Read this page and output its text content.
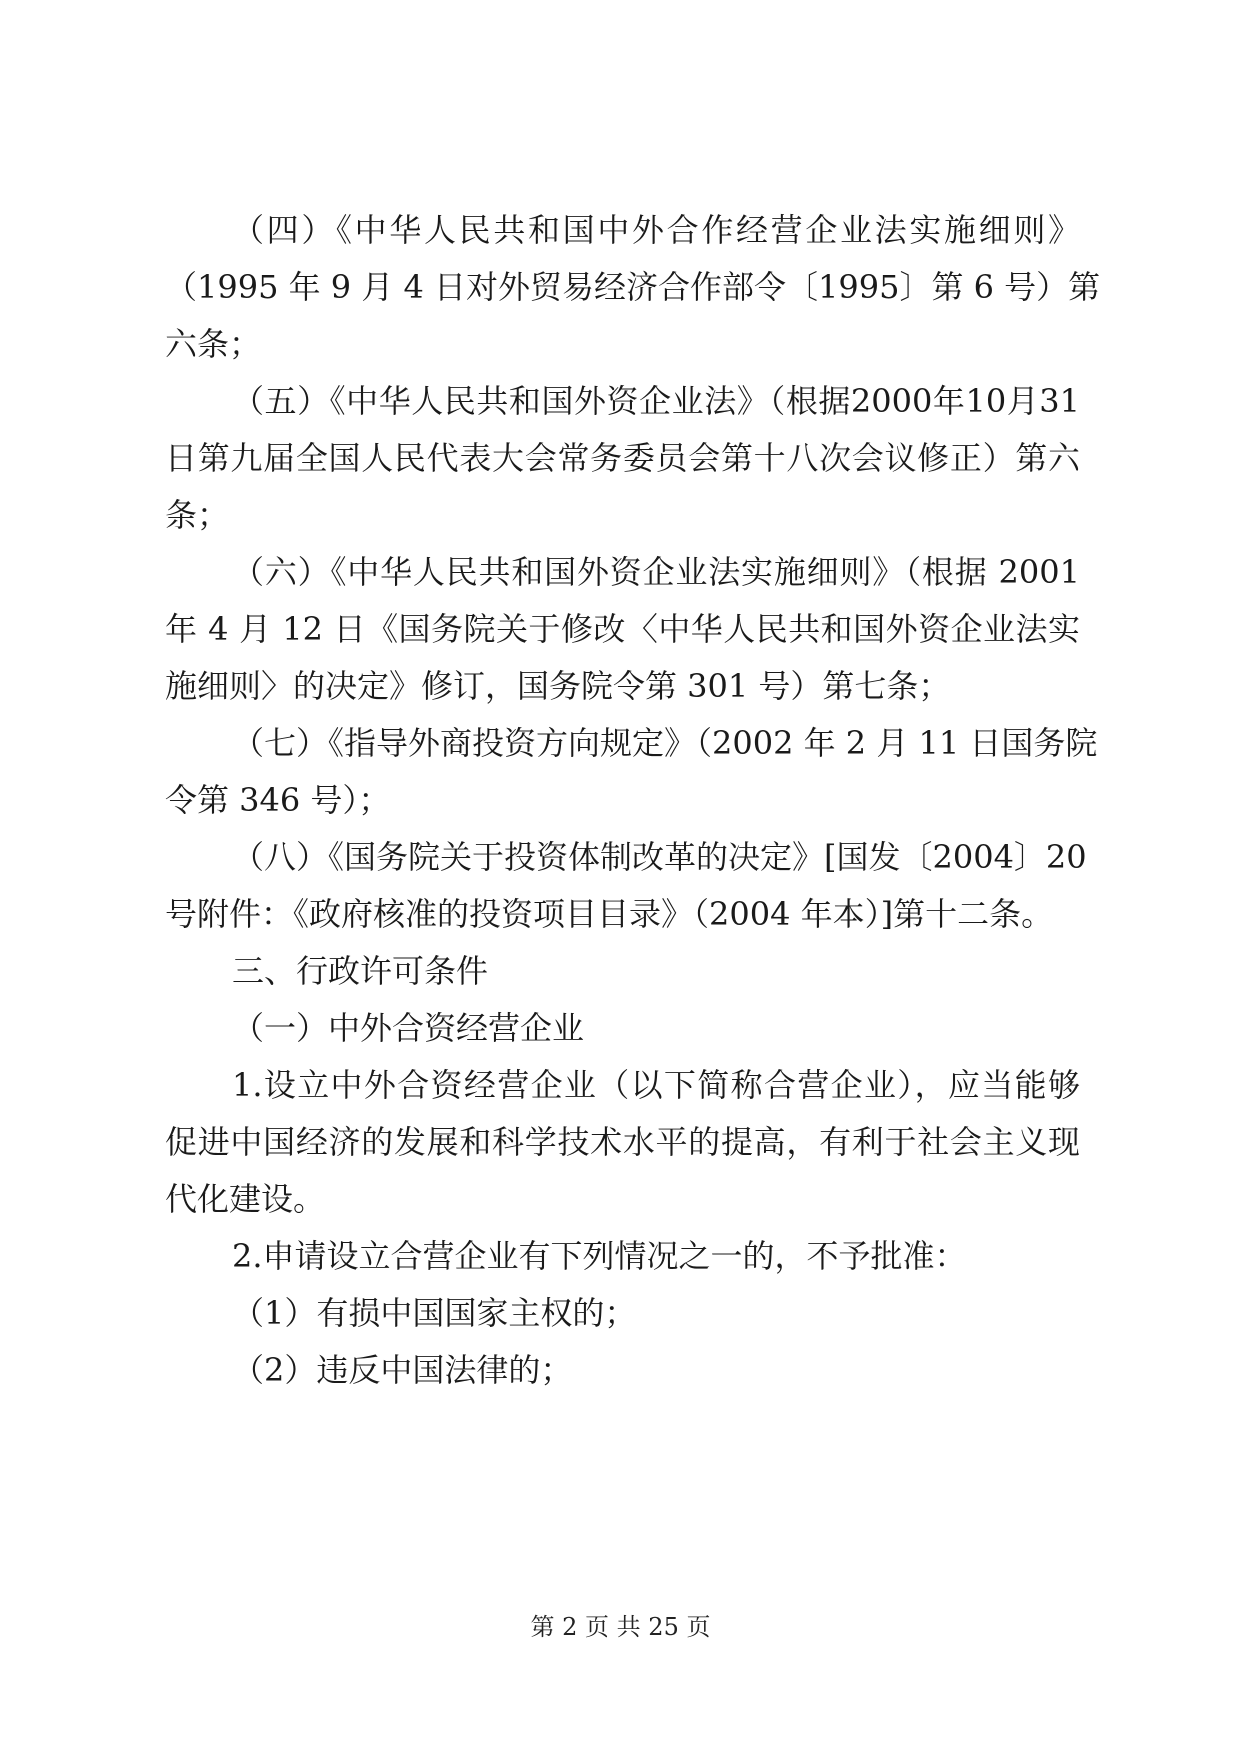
（四）《中华人民共和国中外合作经营企业法实施细则》
（1995 年 9 月 4 日对外贸易经济合作部令〔1995〕第 6 号）第
六条；
（五）《中华人民共和国外资企业法》（根据2000年10月31
日第九届全国人民代表大会常务委员会第十八次会议修正）第六
条；
（六）《中华人民共和国外资企业法实施细则》（根据 2001
年 4 月 12 日《国务院关于修改〈中华人民共和国外资企业法实
施细则〉的决定》修订，国务院令第 301 号）第七条；
（七）《指导外商投资方向规定》（2002 年 2 月 11 日国务院
令第 346 号）；
（八）《国务院关于投资体制改革的决定》[国发〔2004〕20
号附件：《政府核准的投资项目目录》（2004 年本）]第十二条。
三、行政许可条件
（一）中外合资经营企业
1.设立中外合资经营企业（以下简称合营企业），应当能够
促进中国经济的发展和科学技术水平的提高，有利于社会主义现
代化建设。
2.申请设立合营企业有下列情况之一的，不予批准：
（1）有损中国国家主权的；
（2）违反中国法律的；
第 2 页 共 25 页
